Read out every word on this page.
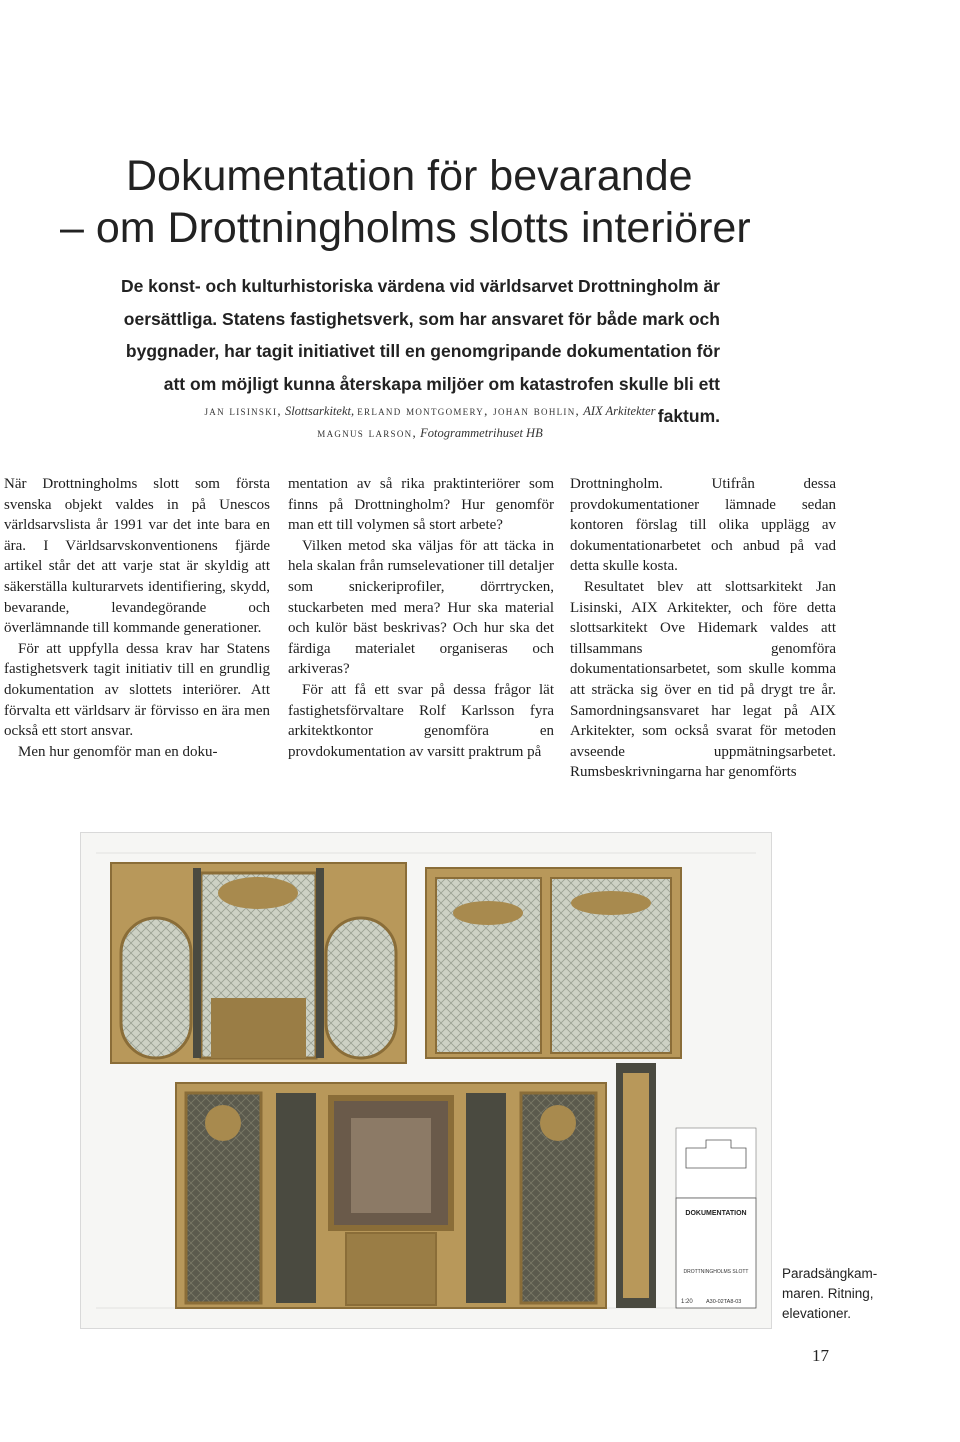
Dokumentation för bevarande
– om Drottningholms slotts interiörer

De konst- och kulturhistoriska värdena vid världsarvet Drottningholm är oersättliga. Statens fastighetsverk, som har ansvaret för både mark och byggnader, har tagit initiativet till en genomgripande dokumentation för att om möjligt kunna återskapa miljöer om katastrofen skulle bli ett faktum.

jan lisinski, Slottsarkitekt, erland montgomery, johan bohlin, AIX Arkitekter
magnus larson, Fotogrammetrihuset HB

När Drottningholms slott som första svenska objekt valdes in på Unescos världsarvslista år 1991 var det inte bara en ära. I Världsarvskonventionens fjärde artikel står det att varje stat är skyldig att säkerställa kulturarvets identifiering, skydd, bevarande, levandegörande och överlämnande till kommande generationer.

För att uppfylla dessa krav har Statens fastighetsverk tagit initiativ till en grundlig dokumentation av slottets interiörer. Att förvalta ett världsarv är förvisso en ära men också ett stort ansvar.

Men hur genomför man en doku-

mentation av så rika praktinteriörer som finns på Drottningholm? Hur genomför man ett till volymen så stort arbete?

Vilken metod ska väljas för att täcka in hela skalan från rumselevationer till detaljer som snickeriprofiler, dörrtrycken, stuckarbeten med mera? Hur ska material och kulör bäst beskrivas? Och hur ska det färdiga materialet organiseras och arkiveras?

För att få ett svar på dessa frågor lät fastighetsförvaltare Rolf Karlsson fyra arkitektkontor genomföra en provdokumentation av varsitt praktrum på

Drottningholm. Utifrån dessa provdokumentationer lämnade sedan kontoren förslag till olika upplägg av dokumentationarbetet och anbud på vad detta skulle kosta.

Resultatet blev att slottsarkitekt Jan Lisinski, AIX Arkitekter, och före detta slottsarkitekt Ove Hidemark valdes att tillsammans genomföra dokumentationsarbetet, som skulle komma att sträcka sig över en tid på drygt tre år. Samordningsansvaret har legat på AIX Arkitekter, som också svarat för metoden avseende uppmätningsarbetet. Rumsbeskrivningarna har genomförts

DOKUMENTATION
DROTTNINGHOLMS SLOTT
1:20 A30-02TA8-03
Paradsängkam-
maren. Ritning,
elevationer.
17
